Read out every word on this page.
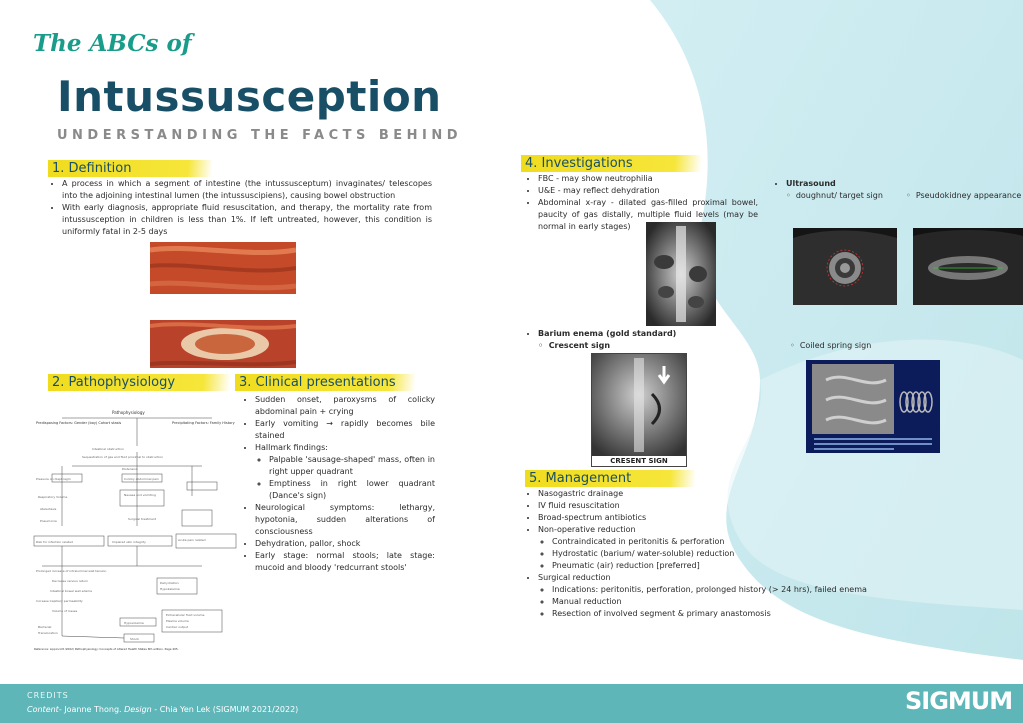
The ABCs of
Intussusception
UNDERSTANDING THE FACTS BEHIND
1. Definition
• A process in which a segment of intestine (the intussusceptum) invaginates/ telescopes into the adjoining intestinal lumen (the intussuscipiens), causing bowel obstruction
• With early diagnosis, appropriate fluid resuscitation, and therapy, the mortality rate from intussusception in children is less than 1%. If left untreated, however, this condition is uniformly fatal in 2-5 days
2. Pathophysiology
Pathophysiology
Predisposing Factors: Gender (boy) Cohort stasis	Precipitating Factors: Family History
Intestinal obstruction
Sequestration of gas and fluid proximal to obstruction
Distension
Pressure on diaphragm	Colicky abdominal pain
Nausea and vomiting
Respiratory Volume
Atelectasis
Pneumonia	Surgical treatment
Risk for infection related	Impaired skin integrity	Acute pain related
Prolonged increase of intraluminal wall tension
Decrease venous return
Intestinal bowel wall edema
Increase Capillary permeability
Volume of losses
Bacterial
Translocation
Hypovolemia
Shock
Dehydration
Hypokalemia
Extracellular fluid volume
Plasma volume
Cardiac output
Reference: Lippincott (2002) Pathophysiology: Concepts of Altered Health States 6th edition. Page 405.
3. Clinical presentations
• Sudden onset, paroxysms of colicky abdominal pain + crying
• Early vomiting → rapidly becomes bile stained
• Hallmark findings:
◦ Palpable 'sausage-shaped' mass, often in right upper quadrant
◦ Emptiness in right lower quadrant (Dance's sign)
• Neurological symptoms: lethargy, hypotonia, sudden alterations of consciousness
• Dehydration, pallor, shock
• Early stage: normal stools; late stage: mucoid and bloody 'redcurrant stools'
4. Investigations
• FBC - may show neutrophilia
• U&E - may reflect dehydration
• Abdominal x-ray - dilated gas-filled proximal bowel, paucity of gas distally, multiple fluid levels (may be normal in early stages)
• Ultrasound
◦  doughnut/ target sign	◦  Pseudokidney appearance
• Barium enema (gold standard)
◦  Crescent sign	◦  Coiled spring sign
CRESENT SIGN
5. Management
• Nasogastric drainage
• IV fluid resuscitation
• Broad-spectrum antibiotics
• Non-operative reduction
◦ Contraindicated in peritonitis & perforation
◦ Hydrostatic (barium/ water-soluble) reduction
◦ Pneumatic (air) reduction [preferred]
• Surgical reduction
◦ Indications: peritonitis, perforation, prolonged history (> 24 hrs), failed enema
◦ Manual reduction
◦ Resection of involved segment & primary anastomosis
CREDITS
Content- Joanne Thong. Design - Chia Yen Lek (SIGMUM 2021/2022)	SIGMUM
